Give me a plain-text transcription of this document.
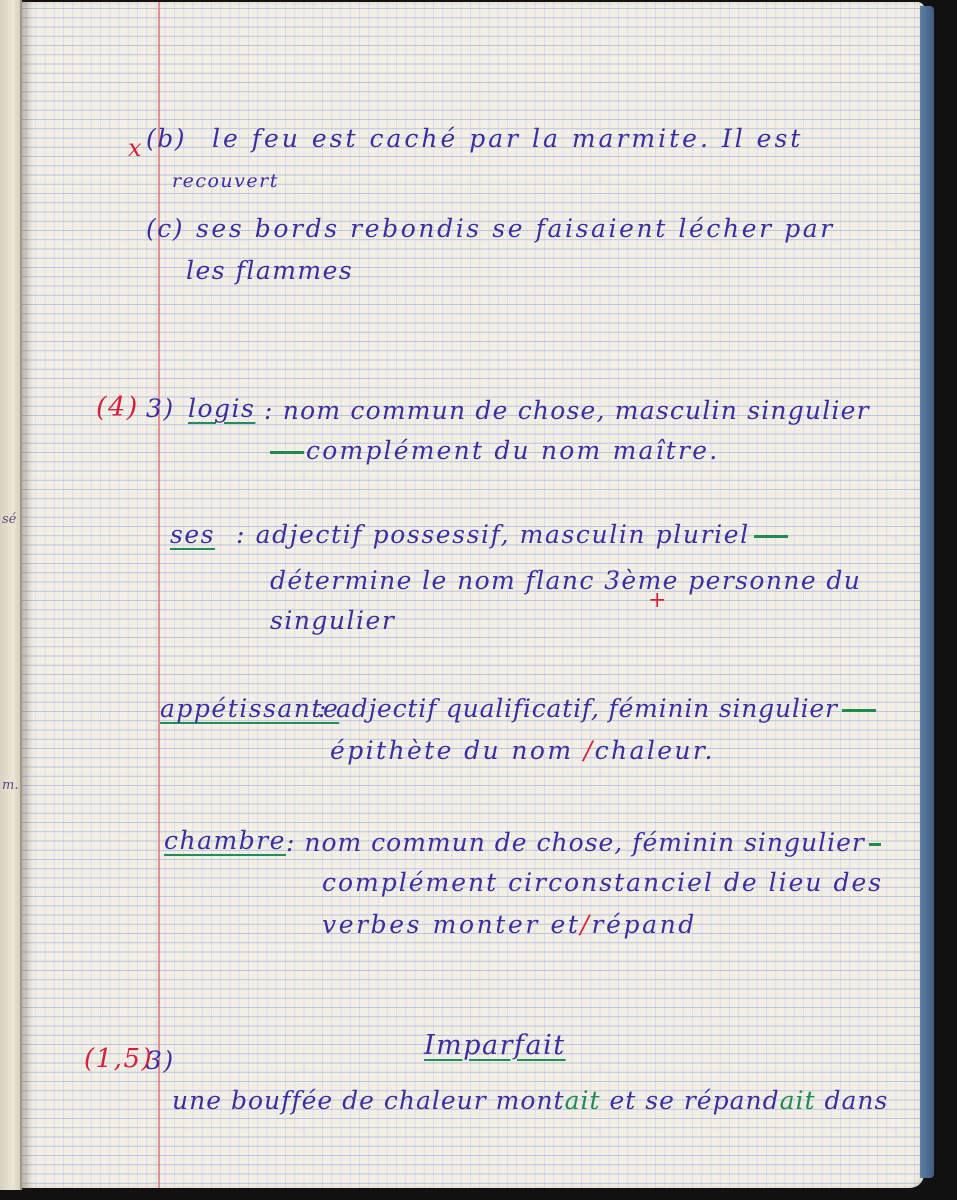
sé
m.
x (b) le feu est caché par la marmite. Il est
recouvert
(c) ses bords rebondis se faisaient lécher par
les flammes
(4) 3) logis : nom commun de chose, masculin singulier
complément du nom maître.
ses : adjectif possessif, masculin pluriel
détermine le nom flanc 3ème personne du
+
singulier
appétissante
: adjectif qualificatif, féminin singulier
épithète du nom /chaleur.
chambre : nom commun de chose, féminin singulier
complément circonstanciel de lieu des
verbes monter et/répand
(1,5)
3)	Imparfait
une bouffée de chaleur montait et se répandait dans
